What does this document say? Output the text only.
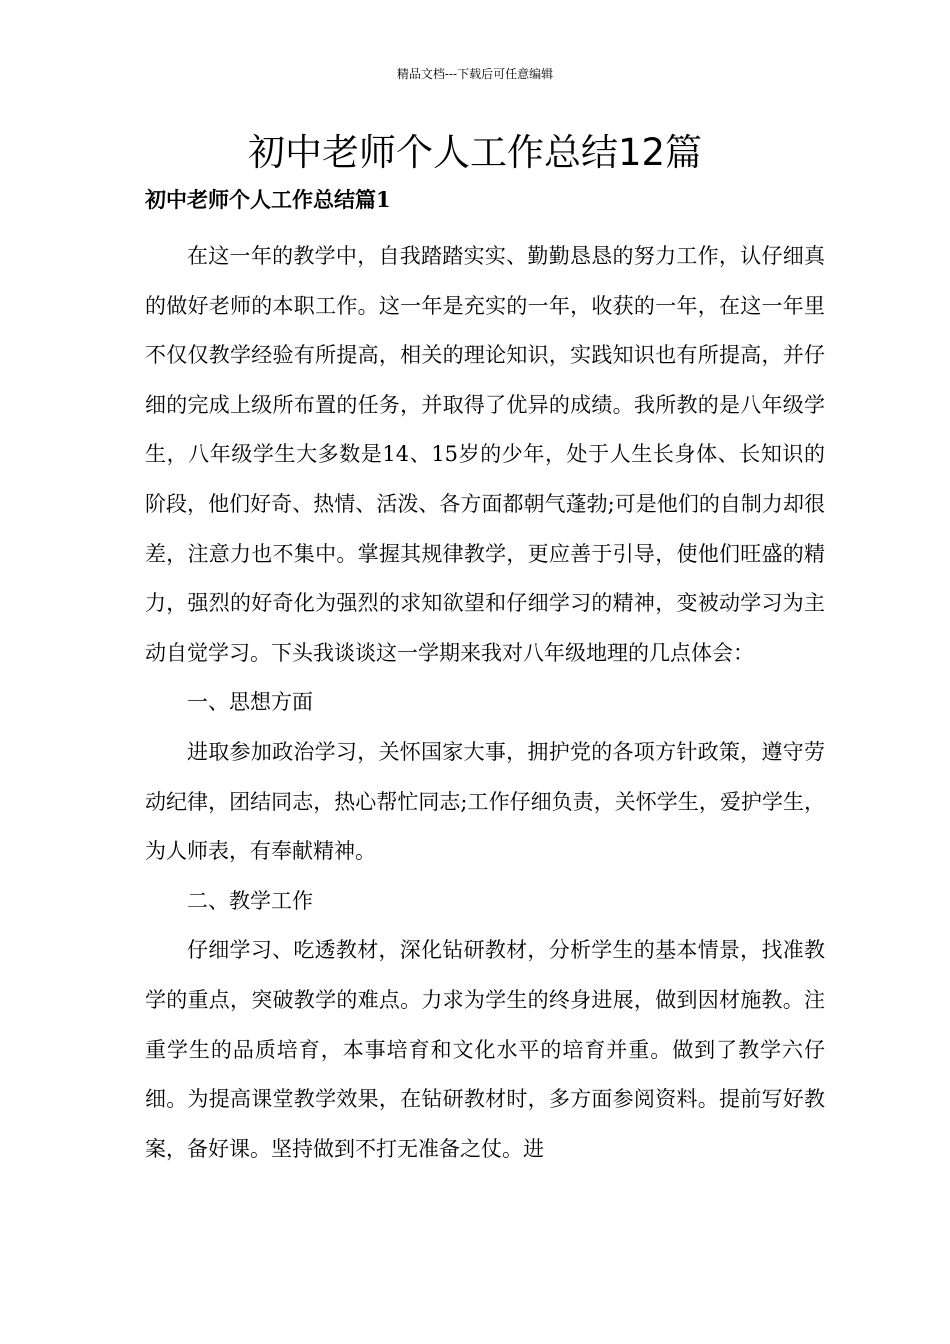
精品文档---下载后可任意编辑
初中老师个人工作总结12篇
初中老师个人工作总结篇1

在这一年的教学中，自我踏踏实实、勤勤恳恳的努力工作，认仔细真的做好老师的本职工作。这一年是充实的一年，收获的一年，在这一年里不仅仅教学经验有所提高，相关的理论知识，实践知识也有所提高，并仔细的完成上级所布置的任务，并取得了优异的成绩。我所教的是八年级学生，八年级学生大多数是14、15岁的少年，处于人生长身体、长知识的阶段，他们好奇、热情、活泼、各方面都朝气蓬勃;可是他们的自制力却很差，注意力也不集中。掌握其规律教学，更应善于引导，使他们旺盛的精力，强烈的好奇化为强烈的求知欲望和仔细学习的精神，变被动学习为主动自觉学习。下头我谈谈这一学期来我对八年级地理的几点体会：

一、思想方面

进取参加政治学习，关怀国家大事，拥护党的各项方针政策，遵守劳动纪律，团结同志，热心帮忙同志;工作仔细负责，关怀学生，爱护学生，为人师表，有奉献精神。

二、教学工作

仔细学习、吃透教材，深化钻研教材，分析学生的基本情景，找准教学的重点，突破教学的难点。力求为学生的终身进展，做到因材施教。注重学生的品质培育，本事培育和文化水平的培育并重。做到了教学六仔细。为提高课堂教学效果，在钻研教材时，多方面参阅资料。提前写好教案，备好课。坚持做到不打无准备之仗。进
